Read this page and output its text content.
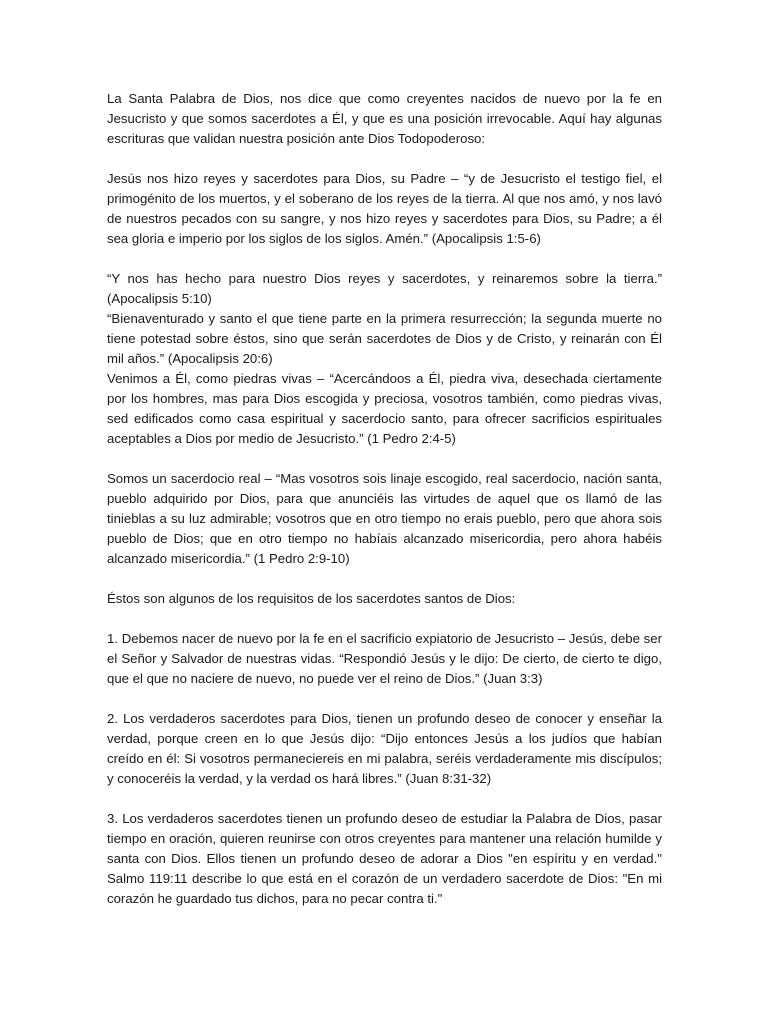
La Santa Palabra de Dios, nos dice que como creyentes nacidos de nuevo por la fe en Jesucristo y que somos sacerdotes a Él, y que es una posición irrevocable. Aquí hay algunas escrituras que validan nuestra posición ante Dios Todopoderoso:

Jesús nos hizo reyes y sacerdotes para Dios, su Padre – “y de Jesucristo el testigo fiel, el primogénito de los muertos, y el soberano de los reyes de la tierra. Al que nos amó, y nos lavó de nuestros pecados con su sangre, y nos hizo reyes y sacerdotes para Dios, su Padre; a él sea gloria e imperio por los siglos de los siglos. Amén.” (Apocalipsis 1:5-6)

“Y nos has hecho para nuestro Dios reyes y sacerdotes, y reinaremos sobre la tierra.” (Apocalipsis 5:10)

“Bienaventurado y santo el que tiene parte en la primera resurrección; la segunda muerte no tiene potestad sobre éstos, sino que serán sacerdotes de Dios y de Cristo, y reinarán con Él mil años.” (Apocalipsis 20:6)

Venimos a Él, como piedras vivas – “Acercándoos a Él, piedra viva, desechada ciertamente por los hombres, mas para Dios escogida y preciosa, vosotros también, como piedras vivas, sed edificados como casa espiritual y sacerdocio santo, para ofrecer sacrificios espirituales aceptables a Dios por medio de Jesucristo.” (1 Pedro 2:4-5)

Somos un sacerdocio real – “Mas vosotros sois linaje escogido, real sacerdocio, nación santa, pueblo adquirido por Dios, para que anunciéis las virtudes de aquel que os llamó de las tinieblas a su luz admirable; vosotros que en otro tiempo no erais pueblo, pero que ahora sois pueblo de Dios; que en otro tiempo no habíais alcanzado misericordia, pero ahora habéis alcanzado misericordia.” (1 Pedro 2:9-10)

Éstos son algunos de los requisitos de los sacerdotes santos de Dios:

1. Debemos nacer de nuevo por la fe en el sacrificio expiatorio de Jesucristo – Jesús, debe ser el Señor y Salvador de nuestras vidas. “Respondió Jesús y le dijo: De cierto, de cierto te digo, que el que no naciere de nuevo, no puede ver el reino de Dios.” (Juan 3:3)

2. Los verdaderos sacerdotes para Dios, tienen un profundo deseo de conocer y enseñar la verdad, porque creen en lo que Jesús dijo: “Dijo entonces Jesús a los judíos que habían creído en él: Si vosotros permaneciereis en mi palabra, seréis verdaderamente mis discípulos; y conoceréis la verdad, y la verdad os hará libres.” (Juan 8:31-32)

3. Los verdaderos sacerdotes tienen un profundo deseo de estudiar la Palabra de Dios, pasar tiempo en oración, quieren reunirse con otros creyentes para mantener una relación humilde y santa con Dios. Ellos tienen un profundo deseo de adorar a Dios "en espíritu y en verdad." Salmo 119:11 describe lo que está en el corazón de un verdadero sacerdote de Dios: "En mi corazón he guardado tus dichos, para no pecar contra ti."
